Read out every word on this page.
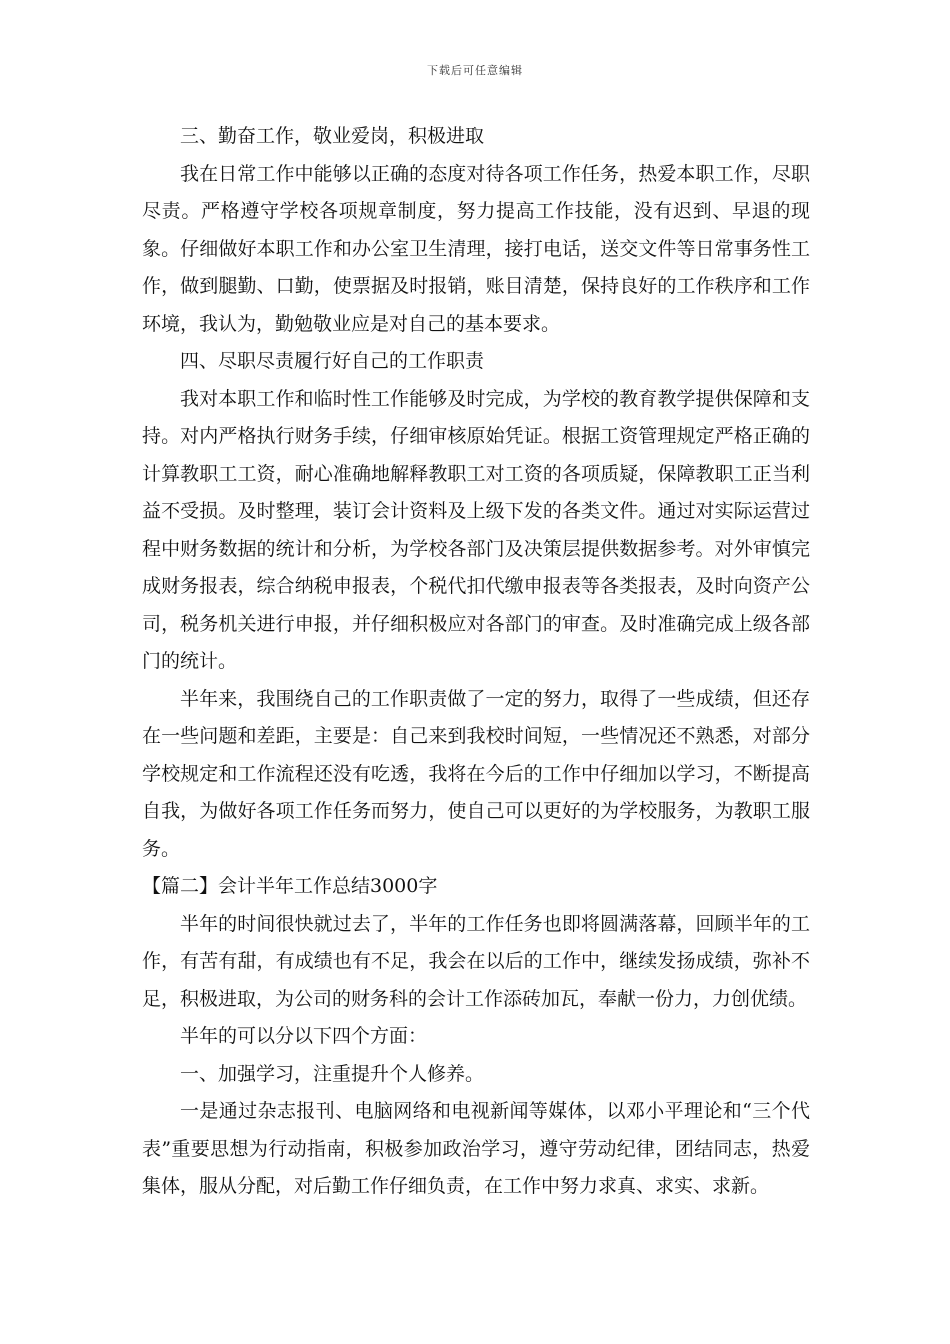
下载后可任意编辑

三、勤奋工作，敬业爱岗，积极进取

我在日常工作中能够以正确的态度对待各项工作任务，热爱本职工作，尽职尽责。严格遵守学校各项规章制度，努力提高工作技能，没有迟到、早退的现象。仔细做好本职工作和办公室卫生清理，接打电话，送交文件等日常事务性工作，做到腿勤、口勤，使票据及时报销，账目清楚，保持良好的工作秩序和工作环境，我认为，勤勉敬业应是对自己的基本要求。

四、尽职尽责履行好自己的工作职责

我对本职工作和临时性工作能够及时完成，为学校的教育教学提供保障和支持。对内严格执行财务手续，仔细审核原始凭证。根据工资管理规定严格正确的计算教职工工资，耐心准确地解释教职工对工资的各项质疑，保障教职工正当利益不受损。及时整理，装订会计资料及上级下发的各类文件。通过对实际运营过程中财务数据的统计和分析，为学校各部门及决策层提供数据参考。对外审慎完成财务报表，综合纳税申报表，个税代扣代缴申报表等各类报表，及时向资产公司，税务机关进行申报，并仔细积极应对各部门的审查。及时准确完成上级各部门的统计。

半年来，我围绕自己的工作职责做了一定的努力，取得了一些成绩，但还存在一些问题和差距，主要是：自己来到我校时间短，一些情况还不熟悉，对部分学校规定和工作流程还没有吃透，我将在今后的工作中仔细加以学习，不断提高自我，为做好各项工作任务而努力，使自己可以更好的为学校服务，为教职工服务。

【篇二】会计半年工作总结3000字

半年的时间很快就过去了，半年的工作任务也即将圆满落幕，回顾半年的工作，有苦有甜，有成绩也有不足，我会在以后的工作中，继续发扬成绩，弥补不足，积极进取，为公司的财务科的会计工作添砖加瓦，奉献一份力，力创优绩。

半年的可以分以下四个方面：

一、加强学习，注重提升个人修养。

一是通过杂志报刊、电脑网络和电视新闻等媒体，以邓小平理论和“三个代表”重要思想为行动指南，积极参加政治学习，遵守劳动纪律，团结同志，热爱集体，服从分配，对后勤工作仔细负责，在工作中努力求真、求实、求新。
